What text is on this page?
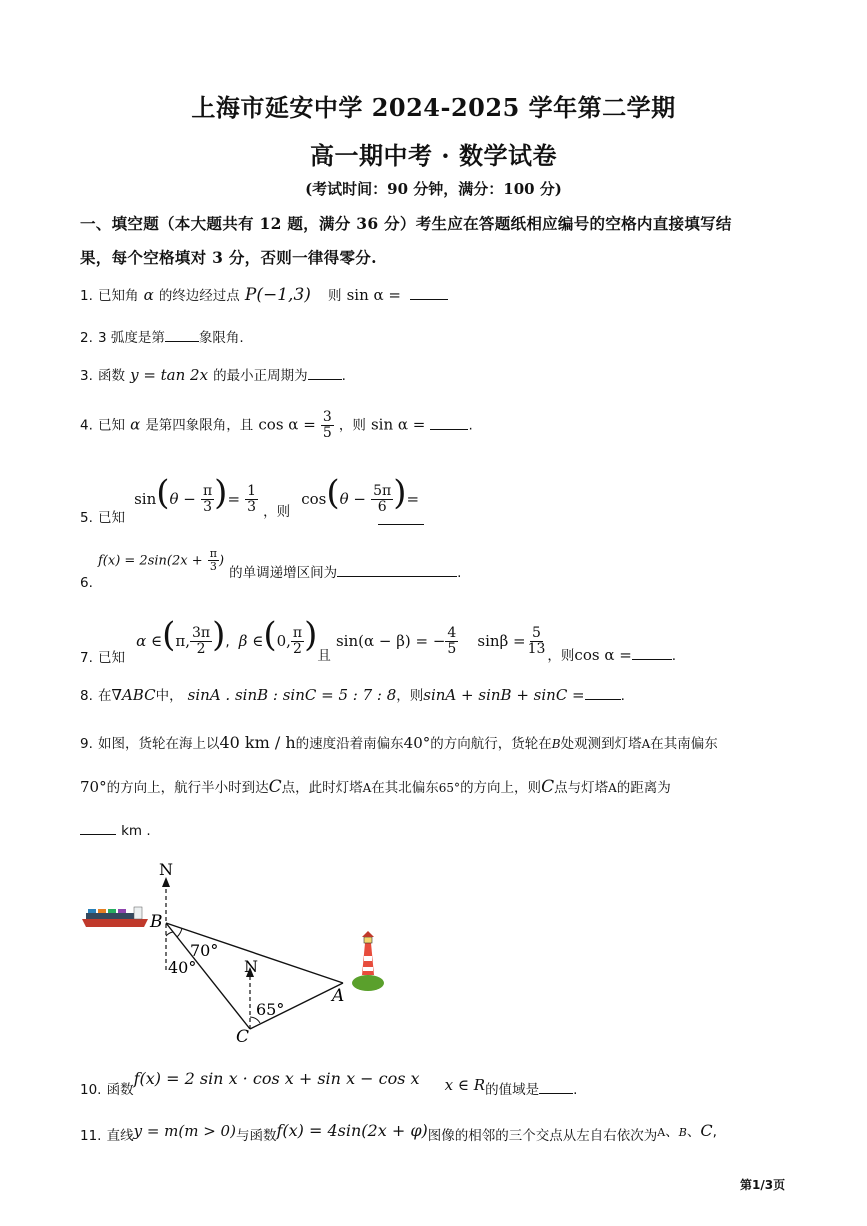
上海市延安中学 2024-2025 学年第二学期
高一期中考 · 数学试卷
(考试时间：90 分钟，满分：100 分)
一、填空题（本大题共有 12 题，满分 36 分）考生应在答题纸相应编号的空格内直接填写结
果，每个空格填对 3 分，否则一律得零分.
1. 已知角 α 的终边经过点 P(−1,3) 则 sin α =
2. 3 弧度是第	象限角.
3. 函数 y = tan 2x 的最小正周期为	.
4. 已知 α 是第四象限角，且 $\cos \alpha = \frac{3}{5}$ ，则 sin α =	.
$_{5.}$ $_{已知}$ $\sin(\theta - \frac{\pi}{3}$ )= $\frac{1}{3} _{,则}$ $\cos(\theta - \frac{5\pi}{6}$ )=
$_{6.}$ $f(x) = 2\sin(2x + \frac{\pi}{3}$ ) $_{的单调递增区间为}$	$_.$
$_{7.}$ $_{已知}$ α ∈(π, $\frac{3\pi}{2}$ ), β ∈(0, $\frac{\pi}{2} )_且$ sin(α − β) = − $\frac{4}{5}$ $\sin\beta = \frac{5}{13} _{,则}\cos$ α =	$_.$
8. 在∇ABC中， sinA . sinB : sinC = 5 : 7 : 8，则sinA + sinB + sinC =	.
9. 如图，货轮在海上以40 km / h的速度沿着南偏东40°的方向航行，货轮在B处观测到灯塔A在其南偏东
70°的方向上，航行半小时到达C点，此时灯塔A在其北偏东65°的方向上，则C点与灯塔A的距离为
km .
N
N
B
A
C
70°
40°
65°
$_{10.}$ $_{函数}$f(x) = 2 sin x · cos x + sin x − cos x x ∈ $R_{的值域是}$	$_.$
$_{11.}$ $_{直线}y = m(m > 0)_{与函数}f(x) = 4\sin(2x + \varphi)_{图像的相邻的三个交点从左自右依次为}A$、B、C,
第1/3页
